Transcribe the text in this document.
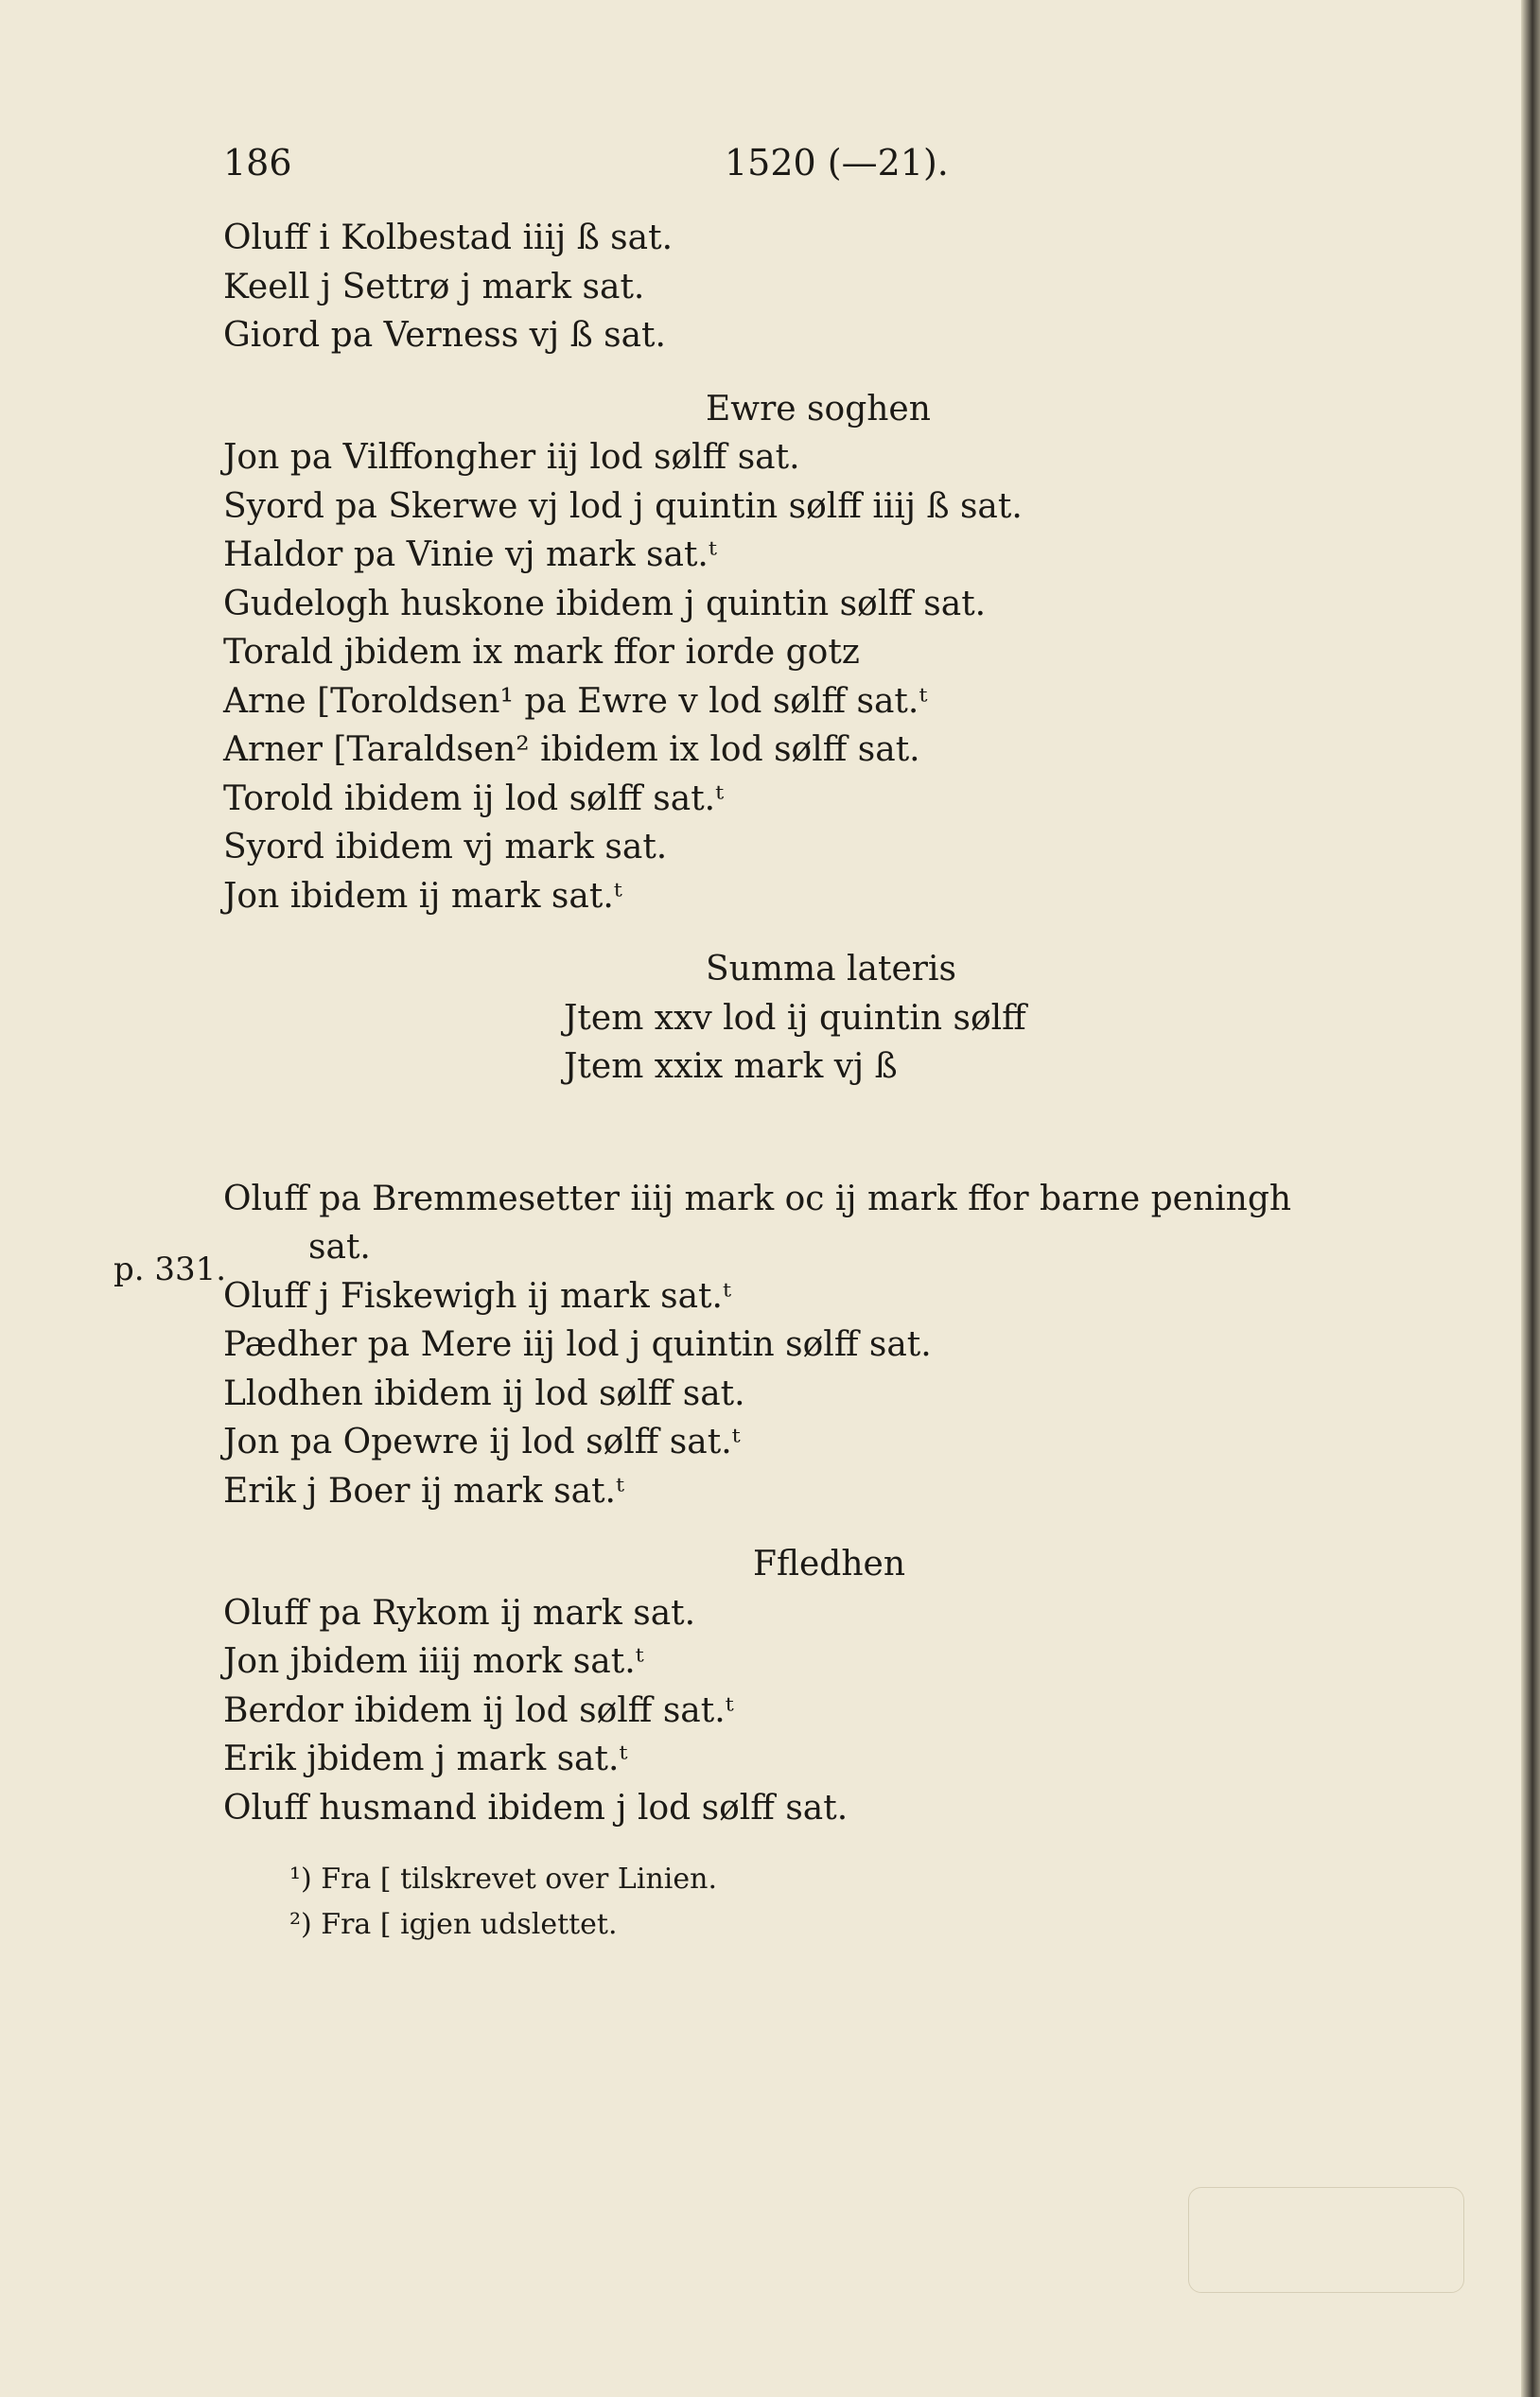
186	1520 (—21).
Oluff i Kolbestad iiij ß sat.
Keell j Settrø j mark sat.
Giord pa Verness vj ß sat.
Ewre soghen
Jon pa Vilffongher iij lod sølff sat.
Syord pa Skerwe vj lod j quintin sølff iiij ß sat.
Haldor pa Vinie vj mark sat.ᵗ
Gudelogh huskone ibidem j quintin sølff sat.
Torald jbidem ix mark ffor iorde gotz
Arne [Toroldsen¹ pa Ewre v lod sølff sat.ᵗ
Arner [Taraldsen² ibidem ix lod sølff sat.
Torold ibidem ij lod sølff sat.ᵗ
Syord ibidem vj mark sat.
Jon ibidem ij mark sat.ᵗ
Summa lateris
Jtem xxv lod ij quintin sølff
Jtem xxix mark vj ß
Oluff pa Bremmesetter iiij mark oc ij mark ffor barne peningh
sat.
Oluff j Fiskewigh ij mark sat.ᵗ
Pædher pa Mere iij lod j quintin sølff sat.
Llodhen ibidem ij lod sølff sat.
Jon pa Opewre ij lod sølff sat.ᵗ
Erik j Boer ij mark sat.ᵗ
Ffledhen
Oluff pa Rykom ij mark sat.
Jon jbidem iiij mork sat.ᵗ
Berdor ibidem ij lod sølff sat.ᵗ
Erik jbidem j mark sat.ᵗ
Oluff husmand ibidem j lod sølff sat.
¹) Fra [ tilskrevet over Linien.
²) Fra [ igjen udslettet.
p. 331.
